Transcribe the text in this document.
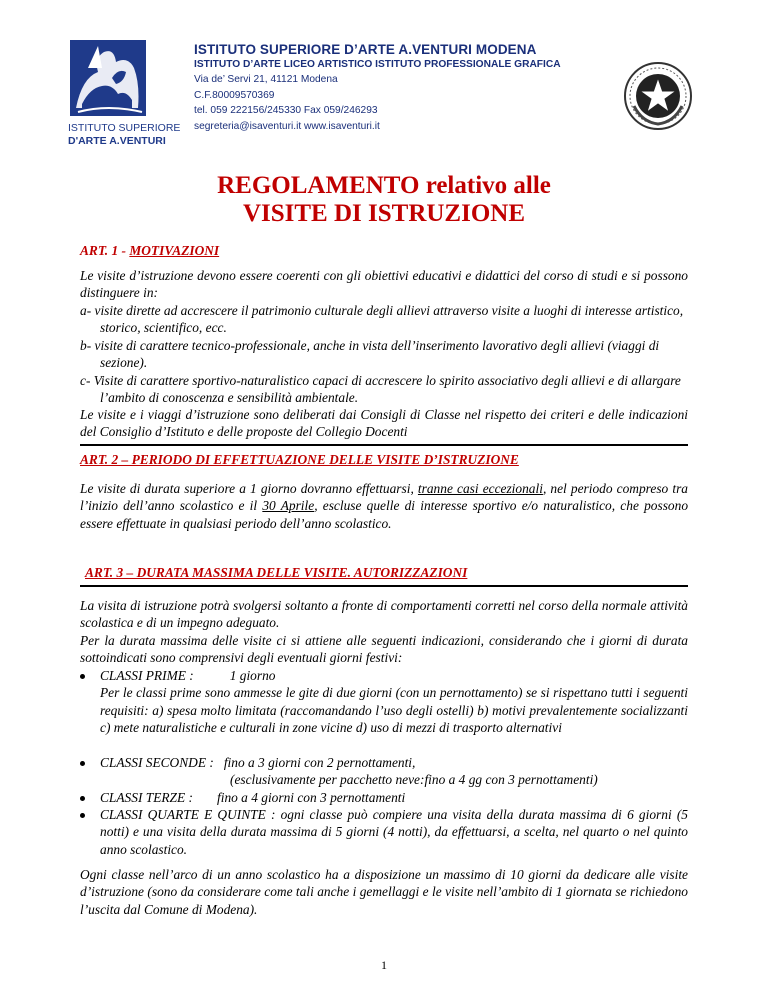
ISTITUTO SUPERIORE
D'ARTE A.VENTURI
ISTITUTO SUPERIORE D’ARTE A.VENTURI MODENA
ISTITUTO D’ARTE LICEO ARTISTICO ISTITUTO PROFESSIONALE GRAFICA
Via de’ Servi 21, 41121 Modena
C.F.80009570369
tel. 059 222156/245330 Fax 059/246293
segreteria@isaventuri.it www.isaventuri.it
REGOLAMENTO relativo alle
VISITE DI ISTRUZIONE
ART. 1 - MOTIVAZIONI
Le visite d’istruzione devono essere coerenti con gli obiettivi educativi e didattici del corso di studi e si possono distinguere in:
a- visite dirette ad accrescere il patrimonio culturale degli allievi attraverso visite a luoghi di interesse artistico, storico, scientifico, ecc.
b- visite di carattere tecnico-professionale, anche in vista dell’inserimento lavorativo degli allievi (viaggi di sezione).
c- Visite di carattere sportivo-naturalistico capaci di accrescere lo spirito associativo degli allievi e di allargare l’ambito di conoscenza e sensibilità ambientale.
Le visite e i viaggi d’istruzione sono deliberati dai Consigli di Classe nel rispetto dei criteri e delle indicazioni del Consiglio d’Istituto e delle proposte del Collegio Docenti
ART. 2 – PERIODO DI EFFETTUAZIONE DELLE VISITE D’ISTRUZIONE
Le visite di durata superiore a 1 giorno dovranno effettuarsi, tranne casi eccezionali, nel periodo compreso tra l’inizio dell’anno scolastico e il 30 Aprile, escluse quelle di interesse sportivo e/o naturalistico, che possono essere effettuate in qualsiasi periodo dell’anno scolastico.
ART. 3 – DURATA MASSIMA DELLE VISITE. AUTORIZZAZIONI
La visita di istruzione potrà svolgersi soltanto a fronte di comportamenti corretti nel corso della normale attività scolastica e di un impegno adeguato.
Per la durata massima delle visite ci si attiene alle seguenti indicazioni, considerando che i giorni di durata sottoindicati sono comprensivi degli eventuali giorni festivi:
CLASSI PRIME :	1 giorno
Per le classi prime sono ammesse le gite di due giorni (con un pernottamento) se si rispettano tutti i seguenti requisiti: a) spesa molto limitata (raccomandando l’uso degli ostelli) b) motivi prevalentemente socializzanti c) mete naturalistiche e culturali in zone vicine d) uso di mezzi di trasporto alternativi
CLASSI SECONDE : fino a 3 giorni con 2 pernottamenti,
(esclusivamente per pacchetto neve:fino a 4 gg con 3 pernottamenti)
CLASSI TERZE : fino a 4 giorni con 3 pernottamenti
CLASSI QUARTE E QUINTE : ogni classe può compiere una visita della durata massima di 6 giorni (5 notti) e una visita della durata massima di 5 giorni (4 notti), da effettuarsi, a scelta, nel quarto o nel quinto anno scolastico.
Ogni classe nell’arco di un anno scolastico ha a disposizione un massimo di 10 giorni da dedicare alle visite d’istruzione (sono da considerare come tali anche i gemellaggi e le visite nell’ambito di 1 giornata se richiedono l’uscita dal Comune di Modena).
1
